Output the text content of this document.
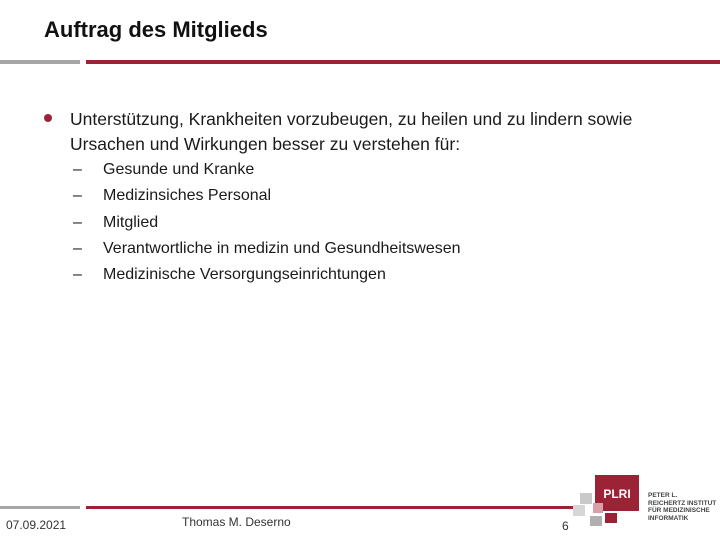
Auftrag des Mitglieds
Unterstützung, Krankheiten vorzubeugen, zu heilen und zu lindern sowie Ursachen und Wirkungen besser zu verstehen für:
–	Gesunde und Kranke
–	Medizinsiches Personal
–	Mitglied
–	Verantwortliche in medizin und Gesundheitswesen
–	Medizinische Versorgungseinrichtungen
07.09.2021	Thomas M. Deserno	6
PLRI	PETER L.
REICHERTZ INSTITUT
FÜR MEDIZINISCHE
INFORMATIK
